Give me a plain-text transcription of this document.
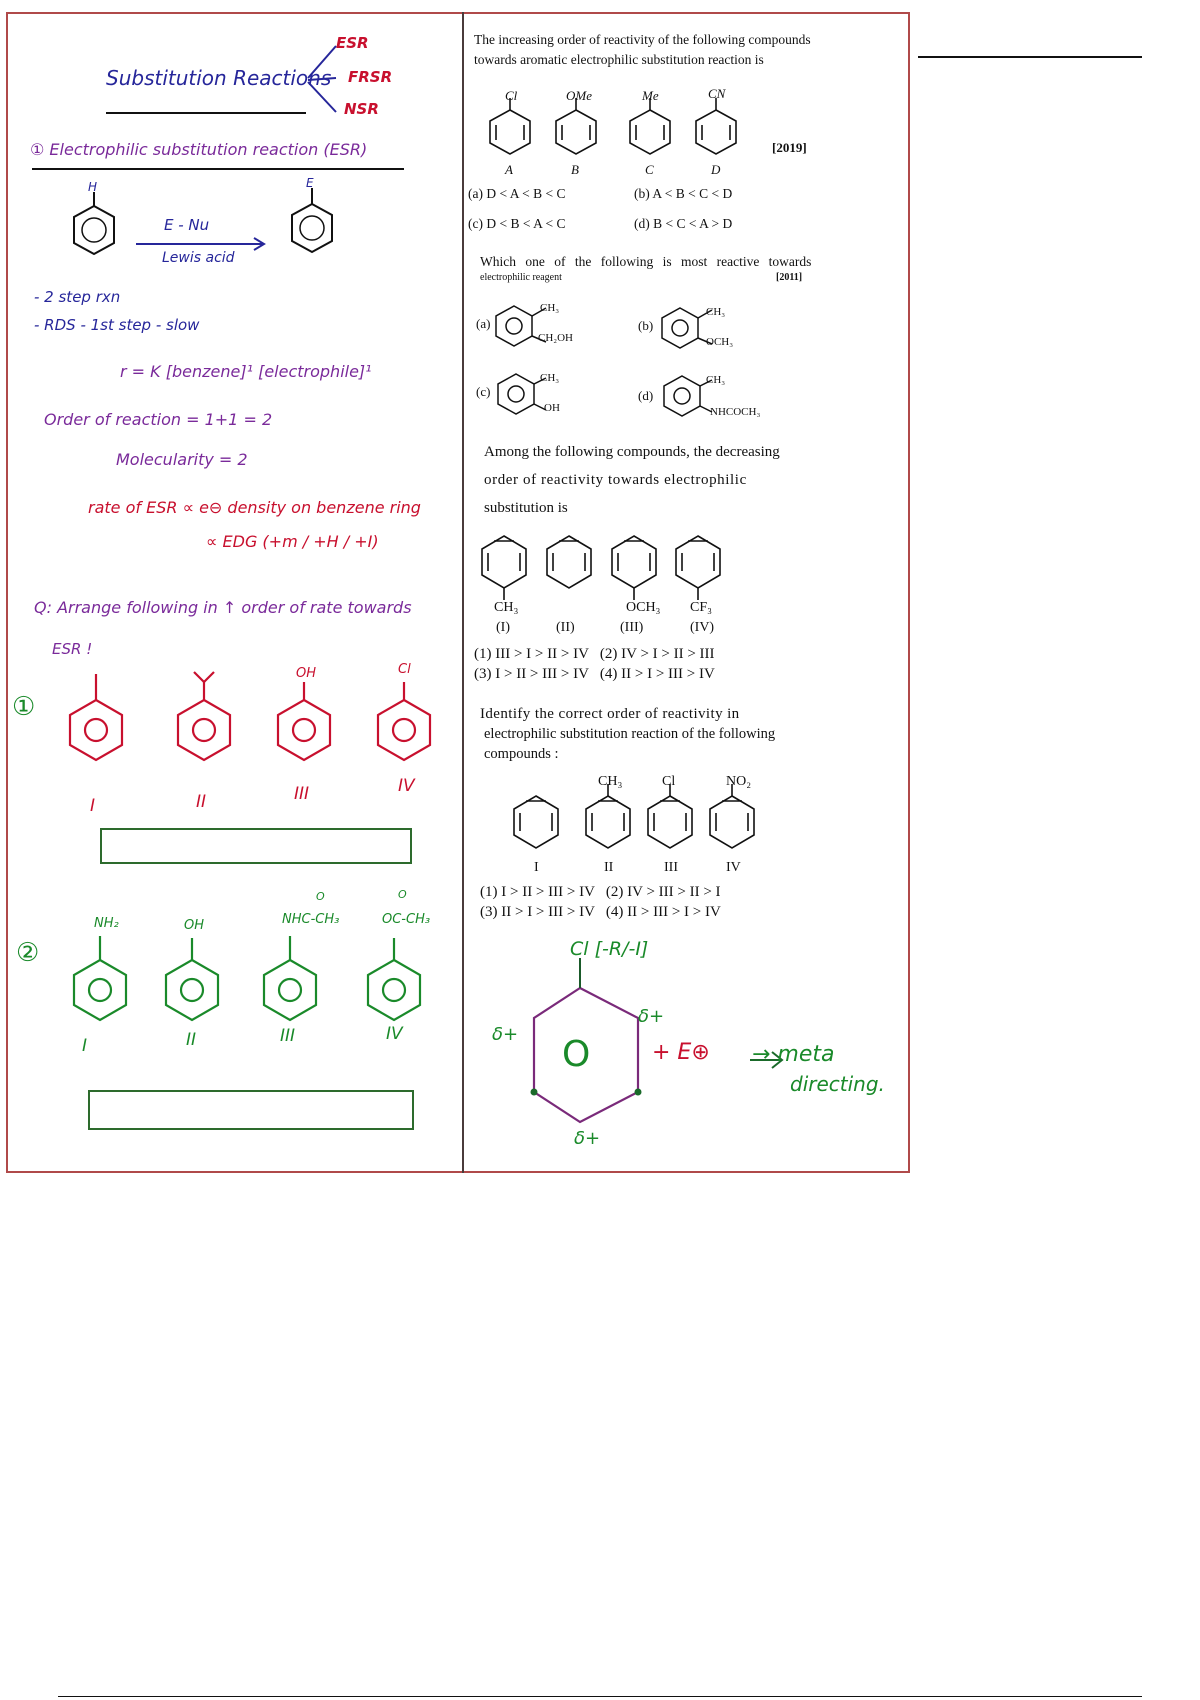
Substitution Reactions
ESR
FRSR
NSR
① Electrophilic substitution reaction (ESR)
H	E
E - Nu
Lewis acid
- 2 step rxn
- RDS - 1st step - slow
r = K [benzene]¹ [electrophile]¹
Order of reaction = 1+1 = 2
Molecularity = 2
rate of ESR ∝ e⊖ density on benzene ring
∝ EDG (+m / +H / +I)
Q: Arrange following in ↑ order of rate towards
ESR !
①
OH	Cl
I	II	III	IV
②
NH₂	OH	NHC-CH₃	OC-CH₃
O	O
I	II	III	IV
The increasing order of reactivity of the following compounds
towards aromatic electrophilic substitution reaction is
Cl	OMe	Me	CN
A	B	C	D
[2019]
(a) D < A < B < C	(b) A < B < C < D
(c) D < B < A < C	(d) B < C < A > D
Which one of the following is most reactive towards
electrophilic reagent	[2011]
(a)
CH₃
CH₂OH
(b)
CH₃
OCH₃
(c)
CH₃
OH
(d)
CH₃
NHCOCH₃
Among the following compounds, the decreasing
order of reactivity towards electrophilic
substitution is
CH₃	OCH₃ CF₃
(I)	(II)	(III)	(IV)
(1) III > I > II > IV   (2) IV > I > II > III
(3) I > II > III > IV   (4) II > I > III > IV
Identify the correct order of reactivity in
electrophilic substitution reaction of the following
compounds :
CH₃	Cl	NO₂
I	II	III	IV
(1) I > II > III > IV   (2) IV > III > II > I
(3) II > I > III > IV   (4) II > III > I > IV
Cl [-R/-I]
δ+
δ+
δ+
O	+ E⊕ → meta
directing.
